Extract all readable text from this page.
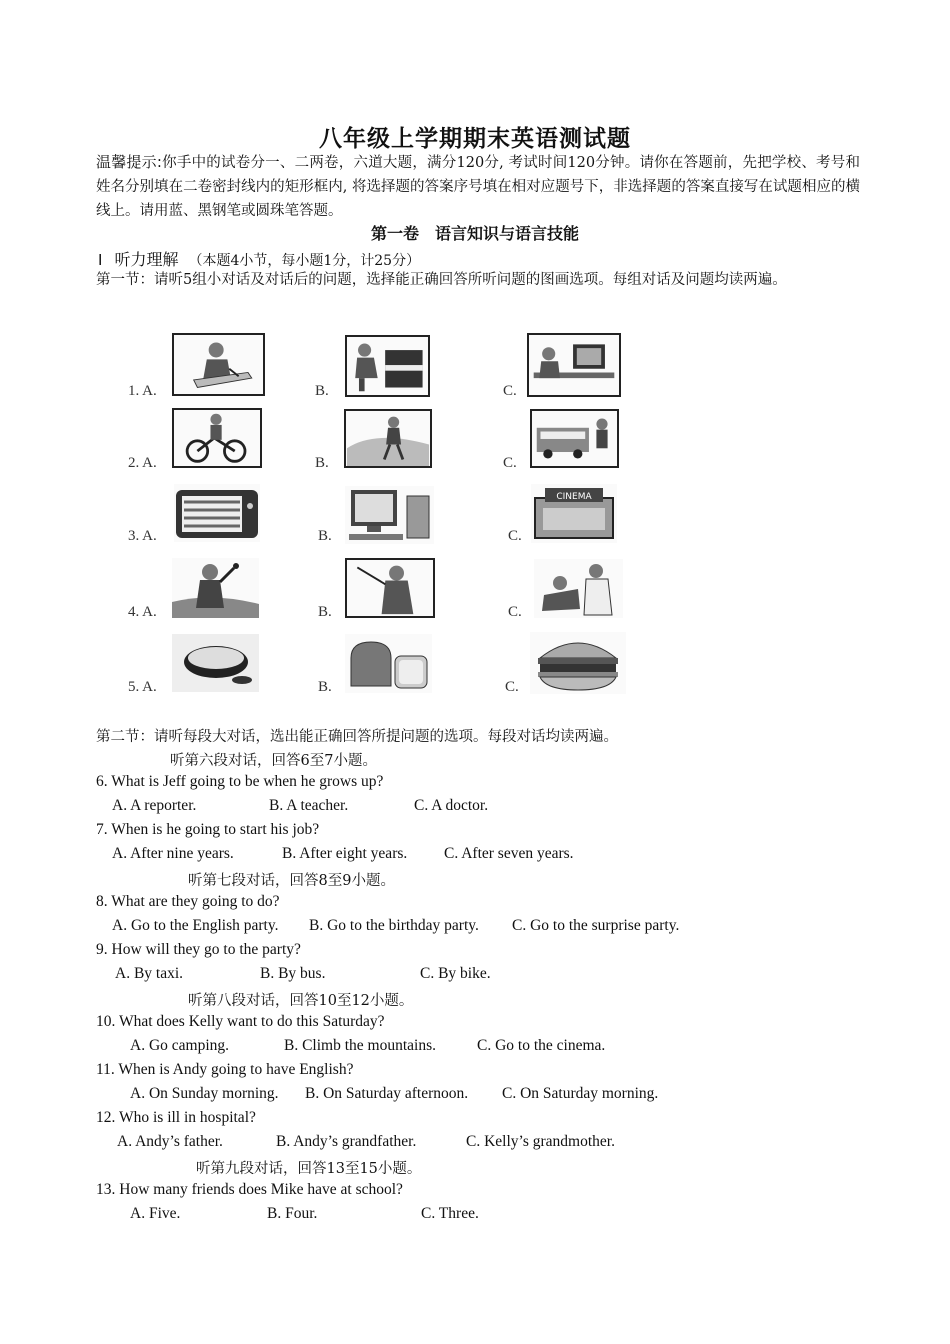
八年级上学期期末英语测试题
温馨提示:你手中的试卷分一、二两卷，六道大题，满分120分, 考试时间120分钟。请你在答题前，先把学校、考号和姓名分别填在二卷密封线内的矩形框内, 将选择题的答案序号填在相对应题号下，非选择题的答案直接写在试题相应的横线上。请用蓝、黑钢笔或圆珠笔答题。
第一卷　语言知识与语言技能
Ⅰ 听力理解 （本题4小节，每小题1分，计25分）
第一节：请听5组小对话及对话后的问题，选择能正确回答所听问题的图画选项。每组对话及问题均读两遍。
1. A.	B.	C.
2. A.	B.	C.
3. A.	B.	C.
CINEMA
4. A.	B.	C.
5. A.	B.	C.
第二节：请听每段大对话，选出能正确回答所提问题的选项。每段对话均读两遍。
听第六段对话，回答6至7小题。
6. What is Jeff going to be when he grows up?
A. A reporter.	B. A teacher.	C. A doctor.
7. When is he going to start his job?
A. After nine years.	B. After eight years. C. After seven years.
听第七段对话，回答8至9小题。
8. What are they going to do?
A. Go to the English party. B. Go to the birthday party. C. Go to the surprise party.
9. How will they go to the party?
A. By taxi.	B. By bus.	C. By bike.
听第八段对话，回答10至12小题。
10. What does Kelly want to do this Saturday?
A. Go camping.	B. Climb the mountains.	C. Go to the cinema.
11. When is Andy going to have English?
A. On Sunday morning. B. On Saturday afternoon. C. On Saturday morning.
12. Who is ill in hospital?
A. Andy’s father.	B. Andy’s grandfather.	C. Kelly’s grandmother.
听第九段对话，回答13至15小题。
13. How many friends does Mike have at school?
A. Five.	B. Four.	C. Three.
